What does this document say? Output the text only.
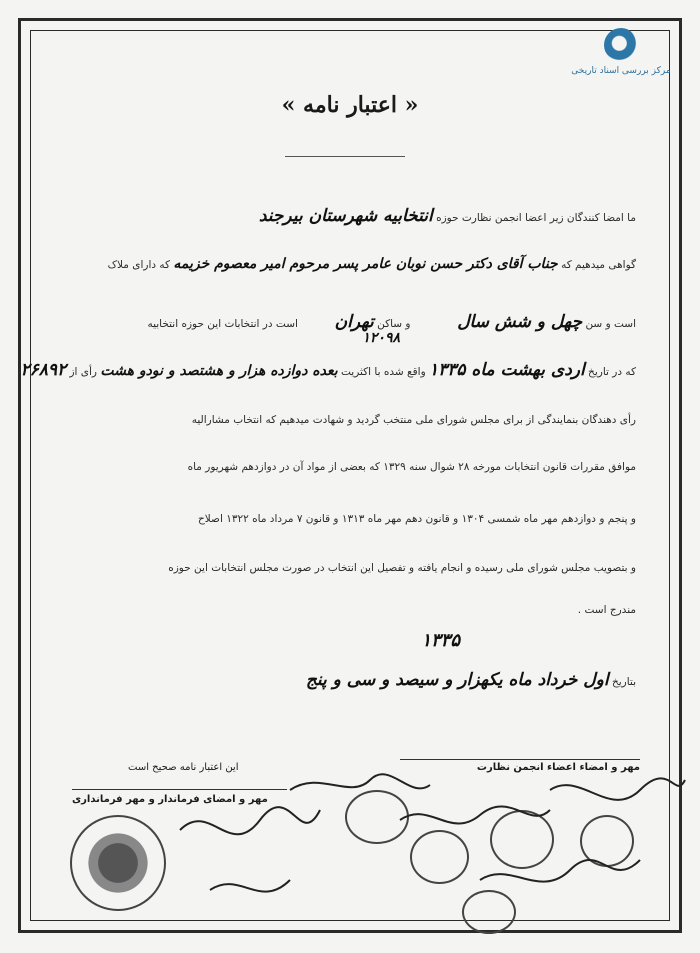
مرکز بررسی اسناد تاریخی
« اعتبار نامه »
ما امضا کنندگان زیر اعضا انجمن نظارت حوزه انتخابیه شهرستان بیرجند
گواهی میدهیم که جناب آقای دکتر حسن نوبان عامر پسر مرحوم امیر معصوم خزیمه که دارای ملاک
است و سن چهل و شش سال  و ساکن تهران  است در انتخابات این حوزه انتخابیه
۱۲۰۹۸
که در تاریخ اردی بهشت ماه ۱۳۳۵ واقع شده با اکثریت بعده دوازده هزار و هشتصد و نودو هشت رأی از ۲۶۸۹۲
رأی دهندگان بنمایندگی از برای مجلس شورای ملی منتخب گردید و شهادت میدهیم که انتخاب مشارالیه
موافق مقررات قانون انتخابات مورخه ۲۸ شوال سنه ۱۳۲۹ که بعضی از مواد آن در دوازدهم شهریور ماه
و پنجم و دوازدهم مهر ماه شمسی ۱۳۰۴ و قانون دهم مهر ماه ۱۳۱۳ و قانون ۷ مرداد ماه ۱۳۲۲ اصلاح
و بتصویب مجلس شورای ملی رسیده و انجام یافته و تفصیل این انتخاب در صورت مجلس انتخابات این حوزه
مندرج است .
۱۳۳۵
بتاریخ اول خرداد ماه یکهزار و سیصد و سی و پنج
این اعتبار نامه صحیح است
مهر و امضای فرماندار و مهر فرمانداری
مهر و امضاء اعضاء انجمن نظارت
